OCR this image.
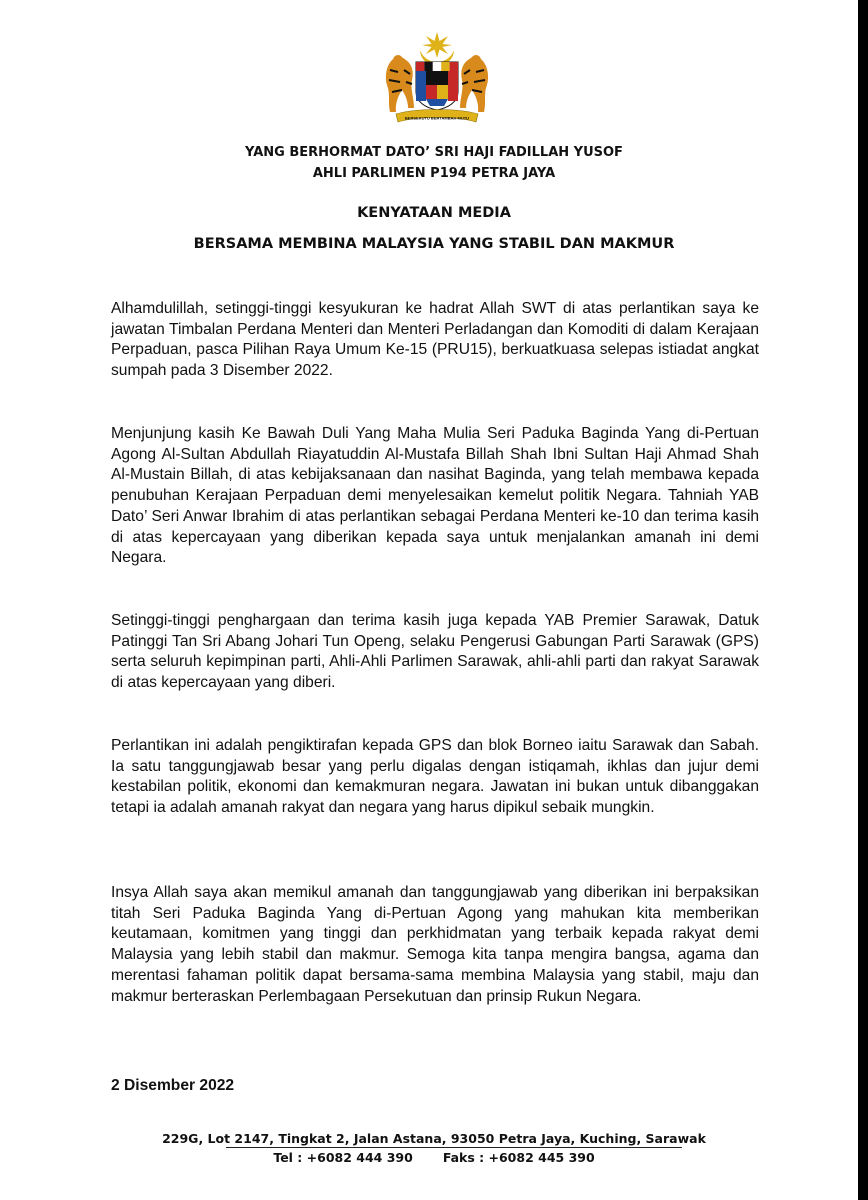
BERSEKUTU BERTAMBAH MUTU
YANG BERHORMAT DATO’ SRI HAJI FADILLAH YUSOF
AHLI PARLIMEN P194 PETRA JAYA
KENYATAAN MEDIA
BERSAMA MEMBINA MALAYSIA YANG STABIL DAN MAKMUR

Alhamdulillah, setinggi-tinggi kesyukuran ke hadrat Allah SWT di atas perlantikan saya ke jawatan Timbalan Perdana Menteri dan Menteri Perladangan dan Komoditi di dalam Kerajaan Perpaduan, pasca Pilihan Raya Umum Ke-15 (PRU15), berkuatkuasa selepas istiadat angkat sumpah pada 3 Disember 2022.

Menjunjung kasih Ke Bawah Duli Yang Maha Mulia Seri Paduka Baginda Yang di-Pertuan Agong Al-Sultan Abdullah Riayatuddin Al-Mustafa Billah Shah Ibni Sultan Haji Ahmad Shah Al-Mustain Billah, di atas kebijaksanaan dan nasihat Baginda, yang telah membawa kepada penubuhan Kerajaan Perpaduan demi menyelesaikan kemelut politik Negara. Tahniah YAB Dato’ Seri Anwar Ibrahim di atas perlantikan sebagai Perdana Menteri ke-10 dan terima kasih di atas kepercayaan yang diberikan kepada saya untuk menjalankan amanah ini demi Negara.

Setinggi-tinggi penghargaan dan terima kasih juga kepada YAB Premier Sarawak, Datuk Patinggi Tan Sri Abang Johari Tun Openg, selaku Pengerusi Gabungan Parti Sarawak (GPS) serta seluruh kepimpinan parti, Ahli-Ahli Parlimen Sarawak, ahli-ahli parti dan rakyat Sarawak di atas kepercayaan yang diberi.

Perlantikan ini adalah pengiktirafan kepada GPS dan blok Borneo iaitu Sarawak dan Sabah. Ia satu tanggungjawab besar yang perlu digalas dengan istiqamah, ikhlas dan jujur demi kestabilan politik, ekonomi dan kemakmuran negara. Jawatan ini bukan untuk dibanggakan tetapi ia adalah amanah rakyat dan negara yang harus dipikul sebaik mungkin.

Insya Allah saya akan memikul amanah dan tanggungjawab yang diberikan ini berpaksikan titah Seri Paduka Baginda Yang di-Pertuan Agong yang mahukan kita memberikan keutamaan, komitmen yang tinggi dan perkhidmatan yang terbaik kepada rakyat demi Malaysia yang lebih stabil dan makmur. Semoga kita tanpa mengira bangsa, agama dan merentasi fahaman politik dapat bersama-sama membina Malaysia yang stabil, maju dan makmur berteraskan Perlembagaan Persekutuan dan prinsip Rukun Negara.

2 Disember 2022
229G, Lot 2147, Tingkat 2, Jalan Astana, 93050 Petra Jaya, Kuching, Sarawak
Tel : +6082 444 390 Faks : +6082 445 390
